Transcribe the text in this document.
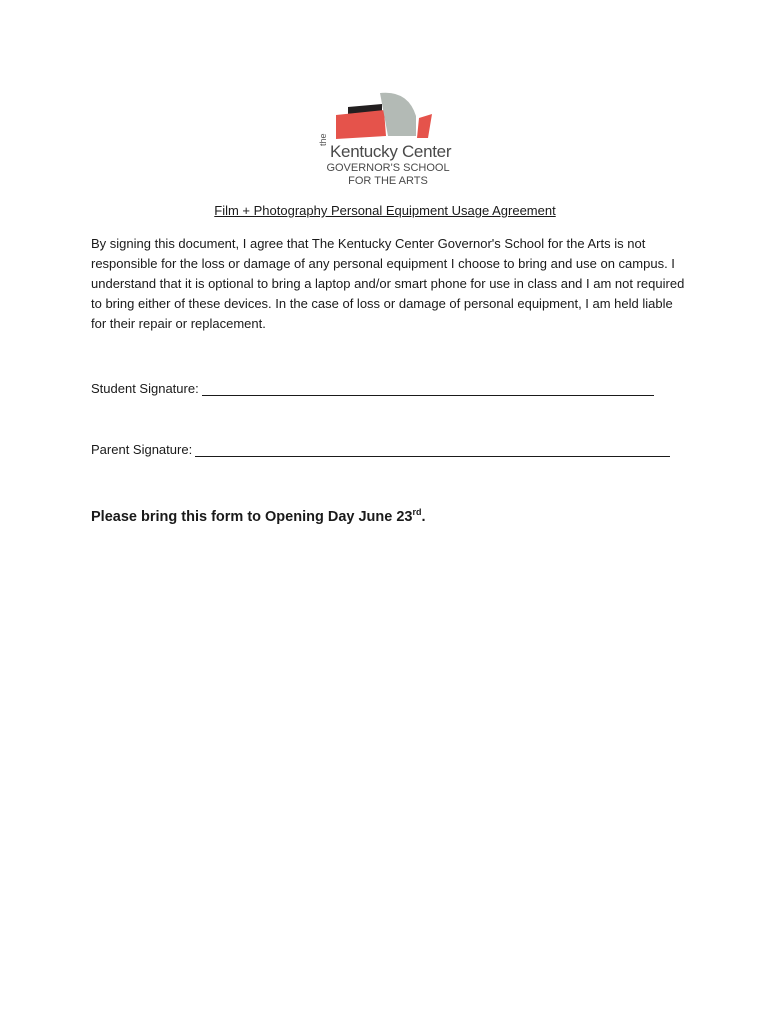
the
Kentucky Center
GOVERNOR'S SCHOOL
FOR THE ARTS
Film + Photography Personal Equipment Usage Agreement
By signing this document, I agree that The Kentucky Center Governor's School for the Arts is not responsible for the loss or damage of any personal equipment I choose to bring and use on campus. I understand that it is optional to bring a laptop and/or smart phone for use in class and I am not required to bring either of these devices. In the case of loss or damage of personal equipment, I am held liable for their repair or replacement.
Student Signature:
Parent Signature:
Please bring this form to Opening Day June 23rd.
